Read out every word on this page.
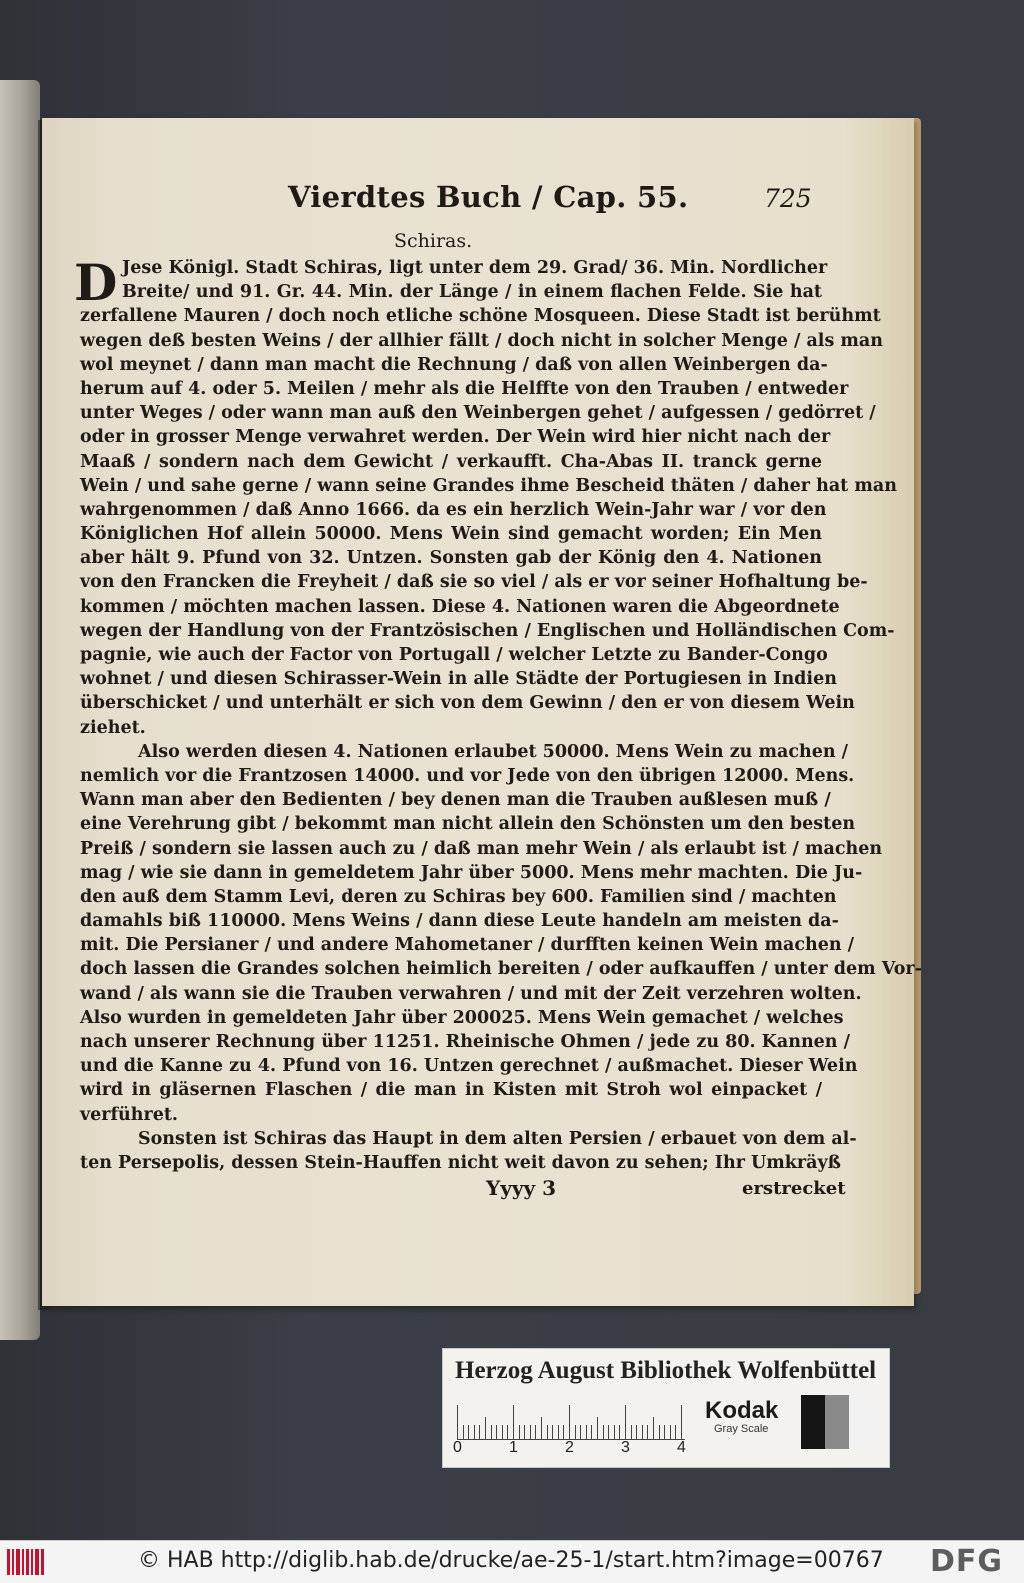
Vierdtes Buch / Cap. 55.	725
Schiras.
D Jese Königl. Stadt Schiras, ligt unter dem 29. Grad/ 36. Min. Nordlicher
Breite/ und 91. Gr. 44. Min. der Länge / in einem flachen Felde. Sie hat
zerfallene Mauren / doch noch etliche schöne Mosqueen. Diese Stadt ist berühmt
wegen deß besten Weins / der allhier fällt / doch nicht in solcher Menge / als man
wol meynet / dann man macht die Rechnung / daß von allen Weinbergen da-
herum auf 4. oder 5. Meilen / mehr als die Helffte von den Trauben / entweder
unter Weges / oder wann man auß den Weinbergen gehet / aufgessen / gedörret /
oder in grosser Menge verwahret werden. Der Wein wird hier nicht nach der
Maaß / sondern nach dem Gewicht / verkaufft. Cha-Abas II. tranck gerne
Wein / und sahe gerne / wann seine Grandes ihme Bescheid thäten / daher hat man
wahrgenommen / daß Anno 1666. da es ein herzlich Wein-Jahr war / vor den
Königlichen Hof allein 50000. Mens Wein sind gemacht worden; Ein Men
aber hält 9. Pfund von 32. Untzen. Sonsten gab der König den 4. Nationen
von den Francken die Freyheit / daß sie so viel / als er vor seiner Hofhaltung be-
kommen / möchten machen lassen. Diese 4. Nationen waren die Abgeordnete
wegen der Handlung von der Frantzösischen / Englischen und Holländischen Com-
pagnie, wie auch der Factor von Portugall / welcher Letzte zu Bander-Congo
wohnet / und diesen Schirasser-Wein in alle Städte der Portugiesen in Indien
überschicket / und unterhält er sich von dem Gewinn / den er von diesem Wein
ziehet.
Also werden diesen 4. Nationen erlaubet 50000. Mens Wein zu machen /
nemlich vor die Frantzosen 14000. und vor Jede von den übrigen 12000. Mens.
Wann man aber den Bedienten / bey denen man die Trauben außlesen muß /
eine Verehrung gibt / bekommt man nicht allein den Schönsten um den besten
Preiß / sondern sie lassen auch zu / daß man mehr Wein / als erlaubt ist / machen
mag / wie sie dann in gemeldetem Jahr über 5000. Mens mehr machten. Die Ju-
den auß dem Stamm Levi, deren zu Schiras bey 600. Familien sind / machten
damahls biß 110000. Mens Weins / dann diese Leute handeln am meisten da-
mit. Die Persianer / und andere Mahometaner / durfften keinen Wein machen /
doch lassen die Grandes solchen heimlich bereiten / oder aufkauffen / unter dem Vor-
wand / als wann sie die Trauben verwahren / und mit der Zeit verzehren wolten.
Also wurden in gemeldeten Jahr über 200025. Mens Wein gemachet / welches
nach unserer Rechnung über 11251. Rheinische Ohmen / jede zu 80. Kannen /
und die Kanne zu 4. Pfund von 16. Untzen gerechnet / außmachet. Dieser Wein
wird in gläsernen Flaschen / die man in Kisten mit Stroh wol einpacket /
verführet.
Sonsten ist Schiras das Haupt in dem alten Persien / erbauet von dem al-
ten Persepolis, dessen Stein-Hauffen nicht weit davon zu sehen; Ihr Umkräyß
Yyyy 3	erstrecket
Herzog August Bibliothek Wolfenbüttel
0	1	2	3	4
Kodak
Gray Scale
© HAB http://diglib.hab.de/drucke/ae-25-1/start.htm?image=00767 DFG
